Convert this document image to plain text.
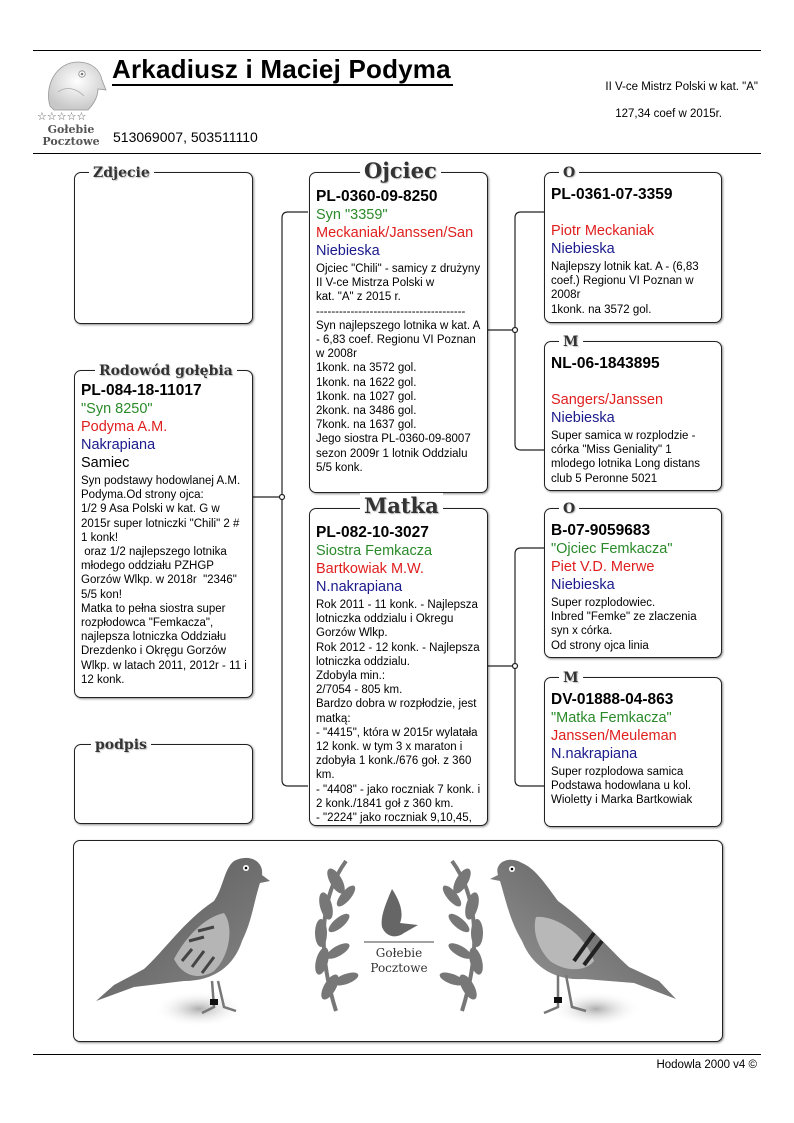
☆☆☆☆☆
Gołebie
Pocztowe
Arkadiusz i Maciej Podyma
513069007, 503511110
II V-ce Mistrz Polski w kat. "A"
127,34 coef w 2015r.
Zdjecie
Rodowód gołębia
PL-084-18-11017
"Syn 8250"
Podyma A.M.
Nakrapiana
Samiec
Syn podstawy hodowlanej A.M. Podyma.Od strony ojca:
1/2 9 Asa Polski w kat. G w 2015r super lotniczki "Chili" 2 # 1 konk!
oraz 1/2 najlepszego lotnika młodego oddziału PZHGP Gorzów Wlkp. w 2018r  "2346" 5/5 kon!
Matka to pełna siostra super rozpłodowca "Femkacza", najlepsza lotniczka Oddziału Drezdenko i Okręgu Gorzów Wlkp. w latach 2011, 2012r - 11 i 12 konk.
podpis
Ojciec
PL-0360-09-8250
Syn "3359"
Meckaniak/Janssen/San
Niebieska
Ojciec "Chili" - samicy z drużyny II V-ce Mistrza Polski w
kat. "A" z 2015 r.
---------------------------------------
Syn najlepszego lotnika w kat. A - 6,83 coef. Regionu VI Poznan w 2008r
1konk. na 3572 gol.
1konk. na 1622 gol.
1konk. na 1027 gol.
2konk. na 3486 gol.
7konk. na 1637 gol.
Jego siostra PL-0360-09-8007 sezon 2009r 1 lotnik Oddzialu 5/5 konk.
PL-082-10-3027
Siostra Femkacza
Bartkowiak M.W.
N.nakrapiana
Rok 2011 - 11 konk. - Najlepsza lotniczka oddzialu i Okregu Gorzów Wlkp.
Rok 2012 - 12 konk. - Najlepsza lotniczka oddzialu.
Zdobyla min.:
2/7054 - 805 km.
Bardzo dobra w rozpłodzie, jest matką:
- "4415", która w 2015r wylatała 12 konk. w tym 3 x maraton i zdobyła 1 konk./676 goł. z 360 km.
- "4408" - jako roczniak 7 konk. i  2 konk./1841 goł z 360 km.
- "2224" jako roczniak 9,10,45,
Matka
O
PL-0361-07-3359
Piotr Meckaniak
Niebieska
Najlepszy lotnik kat. A - (6,83 coef.) Regionu VI Poznan w 2008r
1konk. na 3572 gol.
M
NL-06-1843895
Sangers/Janssen
Niebieska
Super samica w rozplodzie - córka "Miss Geniality" 1 mlodego lotnika Long distans club 5 Peronne 5021
O
B-07-9059683
"Ojciec Femkacza"
Piet V.D. Merwe
Niebieska
Super rozplodowiec.
Inbred "Femke" ze zlaczenia syn x córka.
Od strony ojca linia
M
DV-01888-04-863
"Matka Femkacza"
Janssen/Meuleman
N.nakrapiana
Super rozplodowa samica
Podstawa hodowlana u kol. Wioletty i Marka Bartkowiak
Gołebie
Pocztowe
Hodowla 2000 v4 ©
